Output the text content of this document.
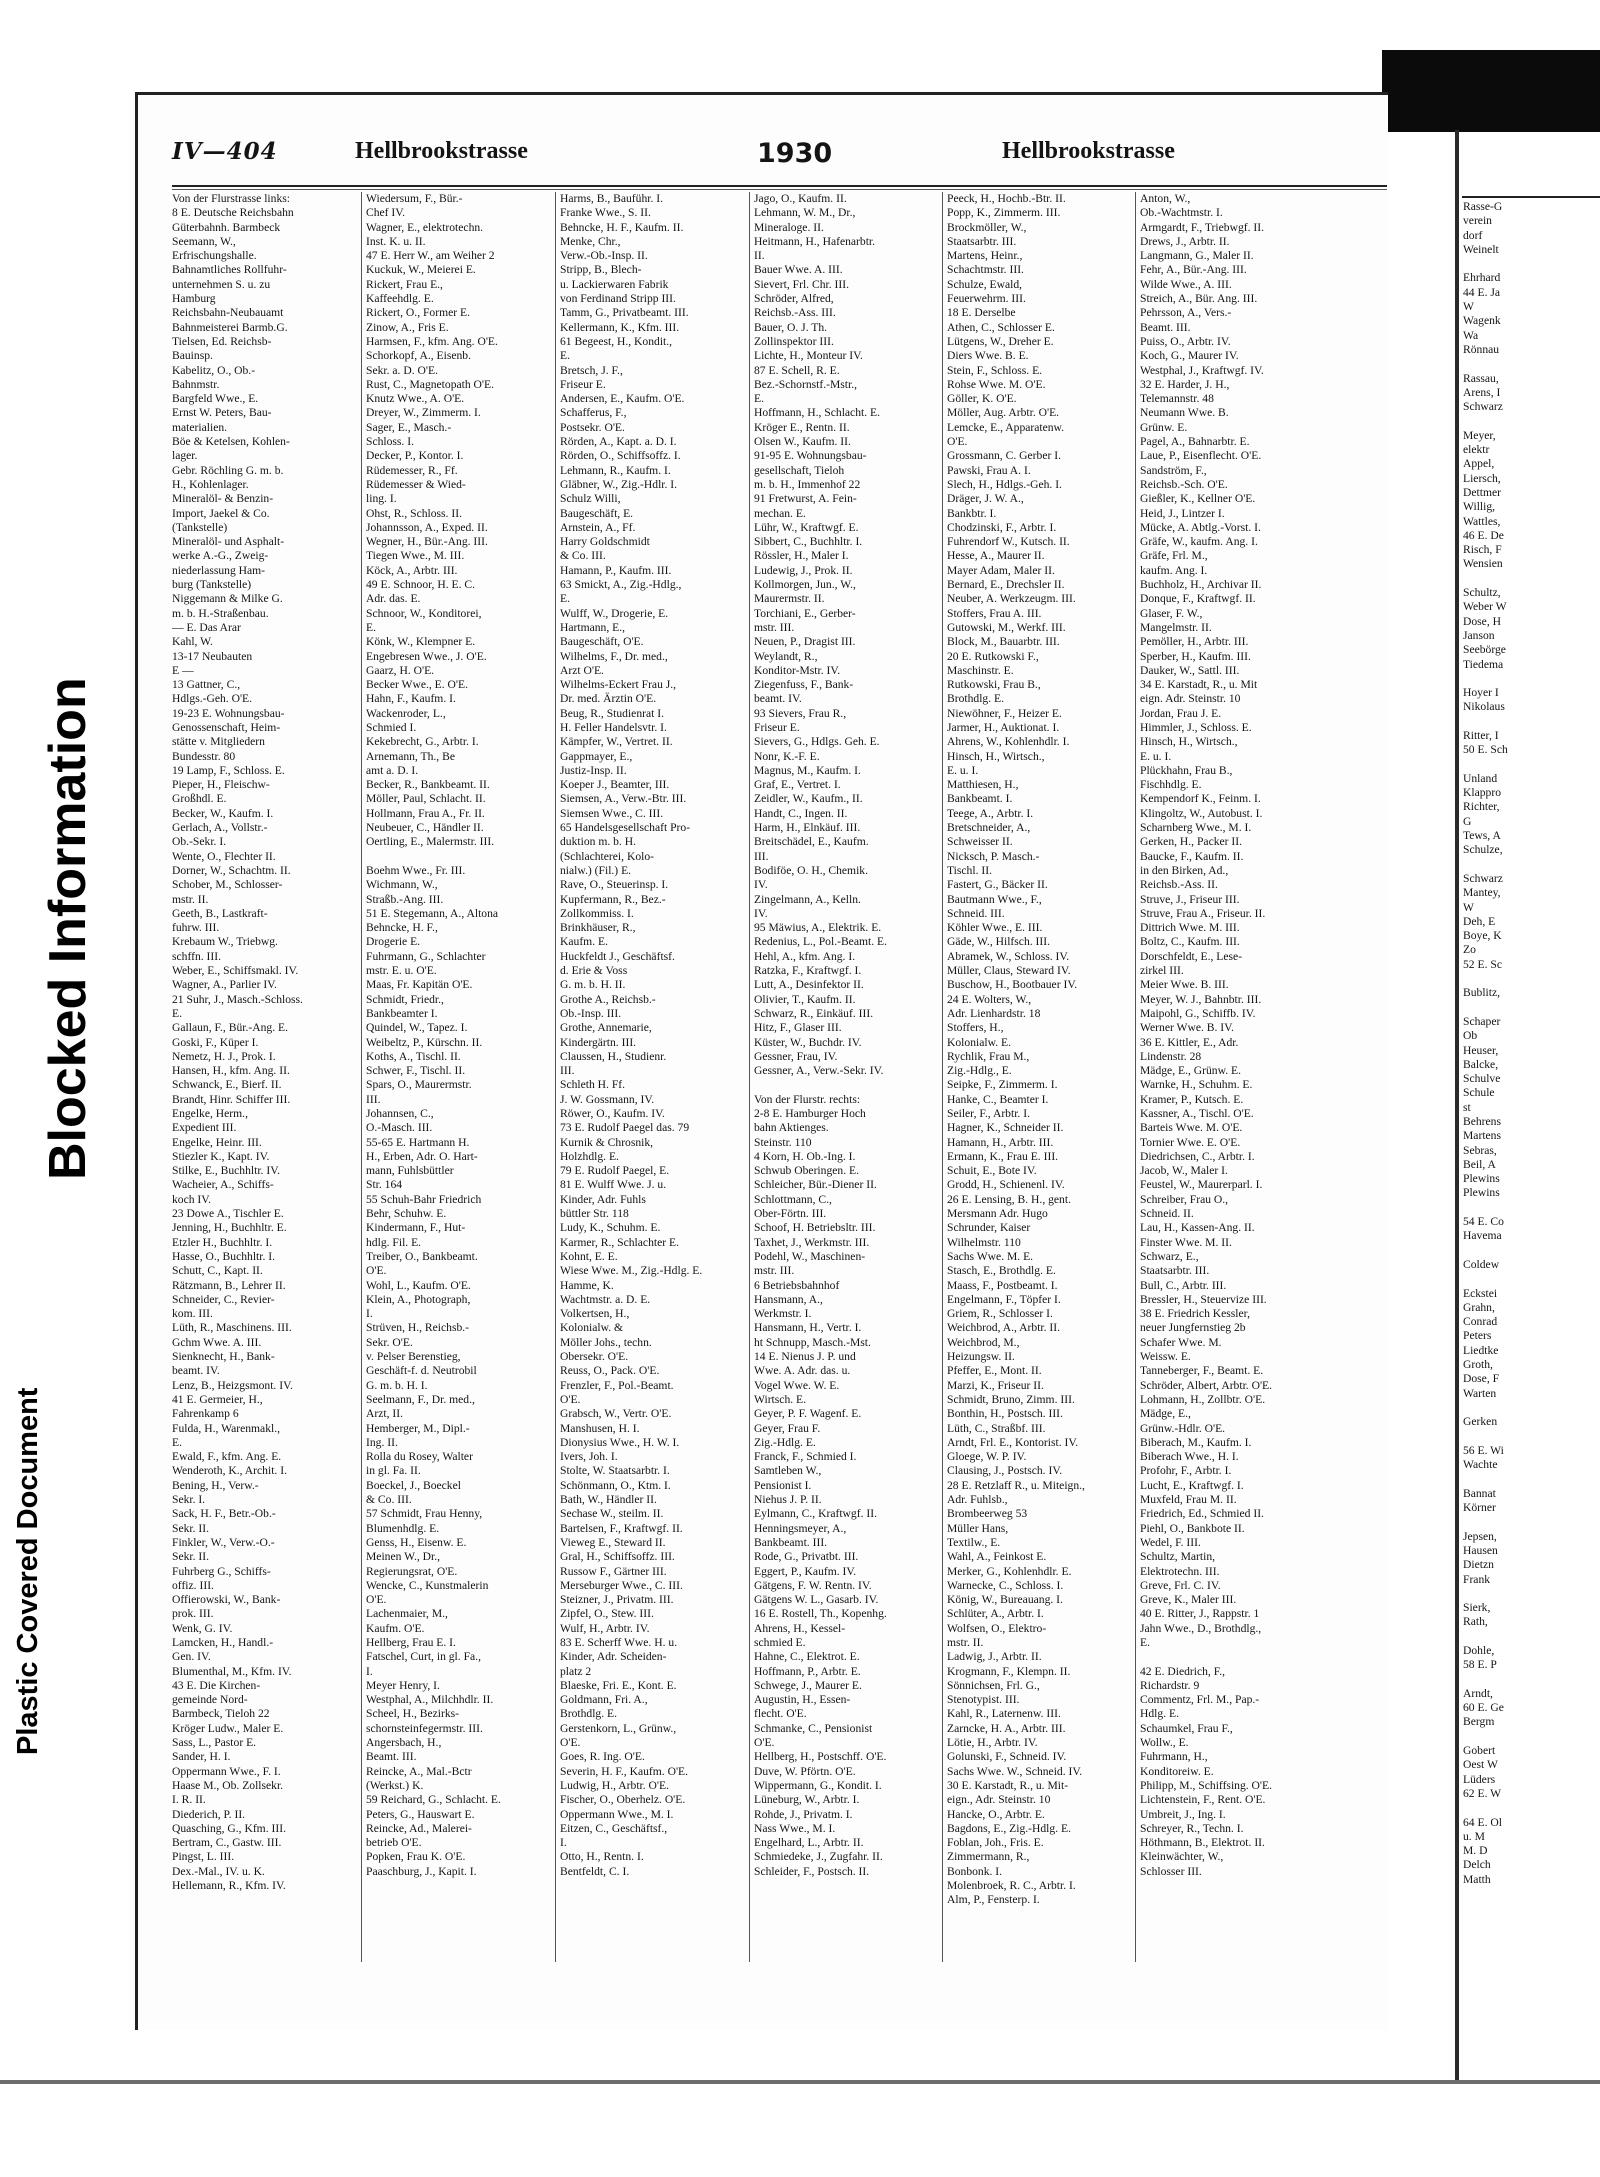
Blocked Information
Plastic Covered Document
IV—404	Hellbrookstrasse	1930	Hellbrookstrasse
Von der Flurstrasse links:
8 E. Deutsche Reichsbahn
Güterbahnh. Barmbeck
Seemann, W.,
Erfrischungshalle.
Bahnamtliches Rollfuhr-
unternehmen S. u. zu
Hamburg
Reichsbahn-Neubauamt
Bahnmeisterei Barmb.G.
Tielsen, Ed. Reichsb-
Bauinsp.
Kabelitz, O., Ob.-
Bahnmstr.
Bargfeld Wwe., E.
Ernst W. Peters, Bau-
materialien.
Böe & Ketelsen, Kohlen-
lager.
Gebr. Röchling G. m. b.
H., Kohlenlager.
Mineralöl- & Benzin-
Import, Jaekel & Co.
(Tankstelle)
Mineralöl- und Asphalt-
werke A.-G., Zweig-
niederlassung Ham-
burg (Tankstelle)
Niggemann & Milke G.
m. b. H.-Straßenbau.
— E. Das Arar
Kahl, W.
13-17 Neubauten
E —
13 Gattner, C.,
Hdlgs.-Geh. O'E.
19-23 E. Wohnungsbau-
Genossenschaft, Heim-
stätte v. Mitgliedern
Bundesstr. 80
19 Lamp, F., Schloss. E.
Pieper, H., Fleischw-
Großhdl. E.
Becker, W., Kaufm. I.
Gerlach, A., Vollstr.-
Ob.-Sekr. I.
Wente, O., Flechter II.
Dorner, W., Schachtm. II.
Schober, M., Schlosser-
mstr. II.
Geeth, B., Lastkraft-
fuhrw. III.
Krebaum W., Triebwg.
schffn. III.
Weber, E., Schiffsmakl. IV.
Wagner, A., Parlier IV.
21 Suhr, J., Masch.-Schloss.
E.
Gallaun, F., Bür.-Ang. E.
Goski, F., Küper I.
Nemetz, H. J., Prok. I.
Hansen, H., kfm. Ang. II.
Schwanck, E., Bierf. II.
Brandt, Hinr. Schiffer III.
Engelke, Herm.,
Expedient III.
Engelke, Heinr. III.
Stiezler K., Kapt. IV.
Stilke, E., Buchhltr. IV.
Wacheier, A., Schiffs-
koch IV.
23 Dowe A., Tischler E.
Jenning, H., Buchhltr. E.
Etzler H., Buchhltr. I.
Hasse, O., Buchhltr. I.
Schutt, C., Kapt. II.
Rätzmann, B., Lehrer II.
Schneider, C., Revier-
kom. III.
Lüth, R., Maschinens. III.
Gchm Wwe. A. III.
Sienknecht, H., Bank-
beamt. IV.
Lenz, B., Heizgsmont. IV.
41 E. Germeier, H.,
Fahrenkamp 6
Fulda, H., Warenmakl.,
E.
Ewald, F., kfm. Ang. E.
Wenderoth, K., Archit. I.
Bening, H., Verw.-
Sekr. I.
Sack, H. F., Betr.-Ob.-
Sekr. II.
Finkler, W., Verw.-O.-
Sekr. II.
Fuhrberg G., Schiffs-
offiz. III.
Offierowski, W., Bank-
prok. III.
Wenk, G. IV.
Lamcken, H., Handl.-
Gen. IV.
Blumenthal, M., Kfm. IV.
43 E. Die Kirchen-
gemeinde Nord-
Barmbeck, Tieloh 22
Kröger Ludw., Maler E.
Sass, L., Pastor E.
Sander, H. I.
Oppermann Wwe., F. I.
Haase M., Ob. Zollsekr.
I. R. II.
Diederich, P. II.
Quasching, G., Kfm. III.
Bertram, C., Gastw. III.
Pingst, L. III.
Dex.-Mal., IV. u. K.
Hellemann, R., Kfm. IV.
Wiedersum, F., Bür.-
Chef IV.
Wagner, E., elektrotechn.
Inst. K. u. II.
47 E. Herr W., am Weiher 2
Kuckuk, W., Meierei E.
Rickert, Frau E.,
Kaffeehdlg. E.
Rickert, O., Former E.
Zinow, A., Fris E.
Harmsen, F., kfm. Ang. O'E.
Schorkopf, A., Eisenb.
Sekr. a. D. O'E.
Rust, C., Magnetopath O'E.
Knutz Wwe., A. O'E.
Dreyer, W., Zimmerm. I.
Sager, E., Masch.-
Schloss. I.
Decker, P., Kontor. I.
Rüdemesser, R., Ff.
Rüdemesser & Wied-
ling. I.
Ohst, R., Schloss. II.
Johannsson, A., Exped. II.
Wegner, H., Bür.-Ang. III.
Tiegen Wwe., M. III.
Köck, A., Arbtr. III.
49 E. Schnoor, H. E. C.
Adr. das. E.
Schnoor, W., Konditorei,
E.
Könk, W., Klempner E.
Engebresen Wwe., J. O'E.
Gaarz, H. O'E.
Becker Wwe., E. O'E.
Hahn, F., Kaufm. I.
Wackenroder, L.,
Schmied I.
Kekebrecht, G., Arbtr. I.
Arnemann, Th., Be
amt a. D. I.
Becker, R., Bankbeamt. II.
Möller, Paul, Schlacht. II.
Hollmann, Frau A., Fr. II.
Neubeuer, C., Händler II.
Oertling, E., Malermstr. III.

Boehm Wwe., Fr. III.
Wichmann, W.,
Straßb.-Ang. III.
51 E. Stegemann, A., Altona
Behncke, H. F.,
Drogerie E.
Fuhrmann, G., Schlachter
mstr. E. u. O'E.
Maas, Fr. Kapitän O'E.
Schmidt, Friedr.,
Bankbeamter I.
Quindel, W., Tapez. I.
Weibeltz, P., Kürschn. II.
Koths, A., Tischl. II.
Schwer, F., Tischl. II.
Spars, O., Maurermstr.
III.
Johannsen, C.,
O.-Masch. III.
55-65 E. Hartmann H.
H., Erben, Adr. O. Hart-
mann, Fuhlsbüttler
Str. 164
55 Schuh-Bahr Friedrich
Behr, Schuhw. E.
Kindermann, F., Hut-
hdlg. Fil. E.
Treiber, O., Bankbeamt.
O'E.
Wohl, L., Kaufm. O'E.
Klein, A., Photograph,
I.
Strüven, H., Reichsb.-
Sekr. O'E.
v. Pelser Berenstieg,
Geschäft-f. d. Neutrobil
G. m. b. H. I.
Seelmann, F., Dr. med.,
Arzt, II.
Hemberger, M., Dipl.-
Ing. II.
Rolla du Rosey, Walter
in gl. Fa. II.
Boeckel, J., Boeckel
& Co. III.
57 Schmidt, Frau Henny,
Blumenhdlg. E.
Genss, H., Eisenw. E.
Meinen W., Dr.,
Regierungsrat, O'E.
Wencke, C., Kunstmalerin
O'E.
Lachenmaier, M.,
Kaufm. O'E.
Hellberg, Frau E. I.
Fatschel, Curt, in gl. Fa.,
I.
Meyer Henry, I.
Westphal, A., Milchhdlr. II.
Scheel, H., Bezirks-
schornsteinfegermstr. III.
Angersbach, H.,
Beamt. III.
Reincke, A., Mal.-Bctr
(Werkst.) K.
59 Reichard, G., Schlacht. E.
Peters, G., Hauswart E.
Reincke, Ad., Malerei-
betrieb O'E.
Popken, Frau K. O'E.
Paaschburg, J., Kapit. I.
Harms, B., Bauführ. I.
Franke Wwe., S. II.
Behncke, H. F., Kaufm. II.
Menke, Chr.,
Verw.-Ob.-Insp. II.
Stripp, B., Blech-
u. Lackierwaren Fabrik
von Ferdinand Stripp III.
Tamm, G., Privatbeamt. III.
Kellermann, K., Kfm. III.
61 Begeest, H., Kondit.,
E.
Bretsch, J. F.,
Friseur E.
Andersen, E., Kaufm. O'E.
Schafferus, F.,
Postsekr. O'E.
Rörden, A., Kapt. a. D. I.
Rörden, O., Schiffsoffz. I.
Lehmann, R., Kaufm. I.
Gläbner, W., Zig.-Hdlr. I.
Schulz Willi,
Baugeschäft, E.
Arnstein, A., Ff.
Harry Goldschmidt
& Co. III.
Hamann, P., Kaufm. III.
63 Smickt, A., Zig.-Hdlg.,
E.
Wulff, W., Drogerie, E.
Hartmann, E.,
Baugeschäft, O'E.
Wilhelms, F., Dr. med.,
Arzt O'E.
Wilhelms-Eckert Frau J.,
Dr. med. Ärztin O'E.
Beug, R., Studienrat I.
H. Feller Handelsvtr. I.
Kämpfer, W., Vertret. II.
Gappmayer, E.,
Justiz-Insp. II.
Koeper J., Beamter, III.
Siemsen, A., Verw.-Btr. III.
Siemsen Wwe., C. III.
65 Handelsgesellschaft Pro-
duktion m. b. H.
(Schlachterei, Kolo-
nialw.) (Fil.) E.
Rave, O., Steuerinsp. I.
Kupfermann, R., Bez.-
Zollkommiss. I.
Brinkhäuser, R.,
Kaufm. E.
Huckfeldt J., Geschäftsf.
d. Erie & Voss
G. m. b. H. II.
Grothe A., Reichsb.-
Ob.-Insp. III.
Grothe, Annemarie,
Kindergärtn. III.
Claussen, H., Studienr.
III.
Schleth H. Ff.
J. W. Gossmann, IV.
Röwer, O., Kaufm. IV.
73 E. Rudolf Paegel das. 79
Kurnik & Chrosnik,
Holzhdlg. E.
79 E. Rudolf Paegel, E.
81 E. Wulff Wwe. J. u.
Kinder, Adr. Fuhls
büttler Str. 118
Ludy, K., Schuhm. E.
Karmer, R., Schlachter E.
Kohnt, E. E.
Wiese Wwe. M., Zig.-Hdlg. E.
Hamme, K.
Wachtmstr. a. D. E.
Volkertsen, H.,
Kolonialw. &
Möller Johs., techn.
Obersekr. O'E.
Reuss, O., Pack. O'E.
Frenzler, F., Pol.-Beamt.
O'E.
Grabsch, W., Vertr. O'E.
Manshusen, H. I.
Dionysius Wwe., H. W. I.
Ivers, Joh. I.
Stolte, W. Staatsarbtr. I.
Schönmann, O., Ktm. I.
Bath, W., Händler II.
Sechase W., steilm. II.
Bartelsen, F., Kraftwgf. II.
Vieweg E., Steward II.
Gral, H., Schiffsoffz. III.
Russow F., Gärtner III.
Merseburger Wwe., C. III.
Steizner, J., Privatm. III.
Zipfel, O., Stew. III.
Wulf, H., Arbtr. IV.
83 E. Scherff Wwe. H. u.
Kinder, Adr. Scheiden-
platz 2
Blaeske, Fri. E., Kont. E.
Goldmann, Fri. A.,
Brothdlg. E.
Gerstenkorn, L., Grünw.,
O'E.
Goes, R. Ing. O'E.
Severin, H. F., Kaufm. O'E.
Ludwig, H., Arbtr. O'E.
Fischer, O., Oberhelz. O'E.
Oppermann Wwe., M. I.
Eitzen, C., Geschäftsf.,
I.
Otto, H., Rentn. I.
Bentfeldt, C. I.
Jago, O., Kaufm. II.
Lehmann, W. M., Dr.,
Mineraloge. II.
Heitmann, H., Hafenarbtr.
II.
Bauer Wwe. A. III.
Sievert, Frl. Chr. III.
Schröder, Alfred,
Reichsb.-Ass. III.
Bauer, O. J. Th.
Zollinspektor III.
Lichte, H., Monteur IV.
87 E. Schell, R. E.
Bez.-Schornstf.-Mstr.,
E.
Hoffmann, H., Schlacht. E.
Kröger E., Rentn. II.
Olsen W., Kaufm. II.
91-95 E. Wohnungsbau-
gesellschaft, Tieloh
m. b. H., Immenhof 22
91 Fretwurst, A. Fein-
mechan. E.
Lühr, W., Kraftwgf. E.
Sibbert, C., Buchhltr. I.
Rössler, H., Maler I.
Ludewig, J., Prok. II.
Kollmorgen, Jun., W.,
Maurermstr. II.
Torchiani, E., Gerber-
mstr. III.
Neuen, P., Dragist III.
Weylandt, R.,
Konditor-Mstr. IV.
Ziegenfuss, F., Bank-
beamt. IV.
93 Sievers, Frau R.,
Friseur E.
Sievers, G., Hdlgs. Geh. E.
Nonr, K.-F. E.
Magnus, M., Kaufm. I.
Graf, E., Vertret. I.
Zeidler, W., Kaufm., II.
Handt, C., Ingen. II.
Harm, H., Elnkäuf. III.
Breitschädel, E., Kaufm.
III.
Bodiföe, O. H., Chemik.
IV.
Zingelmann, A., Kelln.
IV.
95 Mäwius, A., Elektrik. E.
Redenius, L., Pol.-Beamt. E.
Hehl, A., kfm. Ang. I.
Ratzka, F., Kraftwgf. I.
Lutt, A., Desinfektor II.
Olivier, T., Kaufm. II.
Schwarz, R., Einkäuf. III.
Hitz, F., Glaser III.
Küster, W., Buchdr. IV.
Gessner, Frau, IV.
Gessner, A., Verw.-Sekr. IV.

Von der Flurstr. rechts:
2-8 E. Hamburger Hoch
bahn Aktienges.
Steinstr. 110
4 Korn, H. Ob.-Ing. I.
Schwub Oberingen. E.
Schleicher, Bür.-Diener II.
Schlottmann, C.,
Ober-Förtn. III.
Schoof, H. Betriebsltr. III.
Taxhet, J., Werkmstr. III.
Podehl, W., Maschinen-
mstr. III.
6 Betriebsbahnhof
Hansmann, A.,
Werkmstr. I.
Hansmann, H., Vertr. I.
ht Schnupp, Masch.-Mst.
14 E. Nienus J. P. und
Wwe. A. Adr. das. u.
Vogel Wwe. W. E.
Wirtsch. E.
Geyer, P. F. Wagenf. E.
Geyer, Frau F.
Zig.-Hdlg. E.
Franck, F., Schmied I.
Samtleben W.,
Pensionist I.
Niehus J. P. II.
Eylmann, C., Kraftwgf. II.
Henningsmeyer, A.,
Bankbeamt. III.
Rode, G., Privatbt. III.
Eggert, P., Kaufm. IV.
Gätgens, F. W. Rentn. IV.
Gätgens W. L., Gasarb. IV.
16 E. Rostell, Th., Kopenhg.
Ahrens, H., Kessel-
schmied E.
Hahne, C., Elektrot. E.
Hoffmann, P., Arbtr. E.
Schwege, J., Maurer E.
Augustin, H., Essen-
flecht. O'E.
Schmanke, C., Pensionist
O'E.
Hellberg, H., Postschff. O'E.
Duve, W. Pförtn. O'E.
Wippermann, G., Kondit. I.
Lüneburg, W., Arbtr. I.
Rohde, J., Privatm. I.
Nass Wwe., M. I.
Engelhard, L., Arbtr. II.
Schmiedeke, J., Zugfahr. II.
Schleider, F., Postsch. II.
Peeck, H., Hochb.-Btr. II.
Popp, K., Zimmerm. III.
Brockmöller, W.,
Staatsarbtr. III.
Martens, Heinr.,
Schachtmstr. III.
Schulze, Ewald,
Feuerwehrm. III.
18 E. Derselbe
Athen, C., Schlosser E.
Lütgens, W., Dreher E.
Diers Wwe. B. E.
Stein, F., Schloss. E.
Rohse Wwe. M. O'E.
Göller, K. O'E.
Möller, Aug. Arbtr. O'E.
Lemcke, E., Apparatenw.
O'E.
Grossmann, C. Gerber I.
Pawski, Frau A. I.
Slech, H., Hdlgs.-Geh. I.
Dräger, J. W. A.,
Bankbtr. I.
Chodzinski, F., Arbtr. I.
Fuhrendorf W., Kutsch. II.
Hesse, A., Maurer II.
Mayer Adam, Maler II.
Bernard, E., Drechsler II.
Neuber, A. Werkzeugm. III.
Stoffers, Frau A. III.
Gutowski, M., Werkf. III.
Block, M., Bauarbtr. III.
20 E. Rutkowski F.,
Maschinstr. E.
Rutkowski, Frau B.,
Brothdlg. E.
Niewöhner, F., Heizer E.
Jarmer, H., Auktionat. I.
Ahrens, W., Kohlenhdlr. I.
Hinsch, H., Wirtsch.,
E. u. I.
Matthiesen, H.,
Bankbeamt. I.
Teege, A., Arbtr. I.
Bretschneider, A.,
Schweisser II.
Nicksch, P. Masch.-
Tischl. II.
Fastert, G., Bäcker II.
Bautmann Wwe., F.,
Schneid. III.
Köhler Wwe., E. III.
Gäde, W., Hilfsch. III.
Abramek, W., Schloss. IV.
Müller, Claus, Steward IV.
Buschow, H., Bootbauer IV.
24 E. Wolters, W.,
Adr. Lienhardstr. 18
Stoffers, H.,
Kolonialw. E.
Rychlik, Frau M.,
Zig.-Hdlg., E.
Seipke, F., Zimmerm. I.
Hanke, C., Beamter I.
Seiler, F., Arbtr. I.
Hagner, K., Schneider II.
Hamann, H., Arbtr. III.
Ermann, K., Frau E. III.
Schuit, E., Bote IV.
Grodd, H., Schienenl. IV.
26 E. Lensing, B. H., gent.
Mersmann Adr. Hugo
Schrunder, Kaiser
Wilhelmstr. 110
Sachs Wwe. M. E.
Stasch, E., Brothdlg. E.
Maass, F., Postbeamt. I.
Engelmann, F., Töpfer I.
Griem, R., Schlosser I.
Weichbrod, A., Arbtr. II.
Weichbrod, M.,
Heizungsw. II.
Pfeffer, E., Mont. II.
Marzi, K., Friseur II.
Schmidt, Bruno, Zimm. III.
Bonthin, H., Postsch. III.
Lüth, C., Straßbf. III.
Arndt, Frl. E., Kontorist. IV.
Gloege, W. P. IV.
Clausing, J., Postsch. IV.
28 E. Retzlaff R., u. Miteign.,
Adr. Fuhlsb.,
Brombeerweg 53
Müller Hans,
Textilw., E.
Wahl, A., Feinkost E.
Merker, G., Kohlenhdlr. E.
Warnecke, C., Schloss. I.
König, W., Bureauang. I.
Schlüter, A., Arbtr. I.
Wolfsen, O., Elektro-
mstr. II.
Ladwig, J., Arbtr. II.
Krogmann, F., Klempn. II.
Sönnichsen, Frl. G.,
Stenotypist. III.
Kahl, R., Laternenw. III.
Zarncke, H. A., Arbtr. III.
Lötie, H., Arbtr. IV.
Golunski, F., Schneid. IV.
Sachs Wwe. W., Schneid. IV.
30 E. Karstadt, R., u. Mit-
eign., Adr. Steinstr. 10
Hancke, O., Arbtr. E.
Bagdons, E., Zig.-Hdlg. E.
Foblan, Joh., Fris. E.
Zimmermann, R.,
Bonbonk. I.
Molenbroek, R. C., Arbtr. I.
Alm, P., Fensterp. I.
Anton, W.,
Ob.-Wachtmstr. I.
Armgardt, F., Triebwgf. II.
Drews, J., Arbtr. II.
Langmann, G., Maler II.
Fehr, A., Bür.-Ang. III.
Wilde Wwe., A. III.
Streich, A., Bür. Ang. III.
Pehrsson, A., Vers.-
Beamt. III.
Puiss, O., Arbtr. IV.
Koch, G., Maurer IV.
Westphal, J., Kraftwgf. IV.
32 E. Harder, J. H.,
Telemannstr. 48
Neumann Wwe. B.
Grünw. E.
Pagel, A., Bahnarbtr. E.
Laue, P., Eisenflecht. O'E.
Sandström, F.,
Reichsb.-Sch. O'E.
Gießler, K., Kellner O'E.
Heid, J., Lintzer I.
Mücke, A. Abtlg.-Vorst. I.
Gräfe, W., kaufm. Ang. I.
Gräfe, Frl. M.,
kaufm. Ang. I.
Buchholz, H., Archivar II.
Donque, F., Kraftwgf. II.
Glaser, F. W.,
Mangelmstr. II.
Pemöller, H., Arbtr. III.
Sperber, H., Kaufm. III.
Dauker, W., Sattl. III.
34 E. Karstadt, R., u. Mit
eign. Adr. Steinstr. 10
Jordan, Frau J. E.
Himmler, J., Schloss. E.
Hinsch, H., Wirtsch.,
E. u. I.
Plückhahn, Frau B.,
Fischhdlg. E.
Kempendorf K., Feinm. I.
Klingoltz, W., Autobust. I.
Scharnberg Wwe., M. I.
Gerken, H., Packer II.
Baucke, F., Kaufm. II.
in den Birken, Ad.,
Reichsb.-Ass. II.
Struve, J., Friseur III.
Struve, Frau A., Friseur. II.
Dittrich Wwe. M. III.
Boltz, C., Kaufm. III.
Dorschfeldt, E., Lese-
zirkel III.
Meier Wwe. B. III.
Meyer, W. J., Bahnbtr. III.
Maipohl, G., Schiffb. IV.
Werner Wwe. B. IV.
36 E. Kittler, E., Adr.
Lindenstr. 28
Mädge, E., Grünw. E.
Warnke, H., Schuhm. E.
Kramer, P., Kutsch. E.
Kassner, A., Tischl. O'E.
Barteis Wwe. M. O'E.
Tornier Wwe. E. O'E.
Diedrichsen, C., Arbtr. I.
Jacob, W., Maler I.
Feustel, W., Maurerparl. I.
Schreiber, Frau O.,
Schneid. II.
Lau, H., Kassen-Ang. II.
Finster Wwe. M. II.
Schwarz, E.,
Staatsarbtr. III.
Bull, C., Arbtr. III.
Bressler, H., Steuervize III.
38 E. Friedrich Kessler,
neuer Jungfernstieg 2b
Schafer Wwe. M.
Weissw. E.
Tanneberger, F., Beamt. E.
Schröder, Albert, Arbtr. O'E.
Lohmann, H., Zollbtr. O'E.
Mädge, E.,
Grünw.-Hdlr. O'E.
Biberach, M., Kaufm. I.
Biberach Wwe., H. I.
Profohr, F., Arbtr. I.
Lucht, E., Kraftwgf. I.
Muxfeld, Frau M. II.
Friedrich, Ed., Schmied II.
Piehl, O., Bankbote II.
Wedel, F. III.
Schultz, Martin,
Elektrotechn. III.
Greve, Frl. C. IV.
Greve, K., Maler III.
40 E. Ritter, J., Rappstr. 1
Jahn Wwe., D., Brothdlg.,
E.

42 E. Diedrich, F.,
Richardstr. 9
Commentz, Frl. M., Pap.-
Hdlg. E.
Schaumkel, Frau F.,
Wollw., E.
Fuhrmann, H.,
Konditoreiw. E.
Philipp, M., Schiffsing. O'E.
Lichtenstein, F., Rent. O'E.
Umbreit, J., Ing. I.
Schreyer, R., Techn. I.
Höthmann, B., Elektrot. II.
Kleinwächter, W.,
Schlosser III.
Rasse-G
verein
dorf
Weinelt

Ehrhard
44 E. Ja
W
Wagenk
Wa
Rönnau

Rassau,
Arens, I
Schwarz

Meyer,
elektr
Appel,
Liersch,
Dettmer
Willig,
Wattles,
46 E. De
Risch, F
Wensien

Schultz,
Weber W
Dose, H
Janson
Seebörge
Tiedema

Hoyer I
Nikolaus

Ritter, I
50 E. Sch

Unland
Klappro
Richter,
G
Tews, A
Schulze,

Schwarz
Mantey,
W
Deh, E
Boye, K
Zo
52 E. Sc

Bublitz,

Schaper
Ob
Heuser,
Balcke,
Schulve
Schule
st
Behrens
Martens
Sebras,
Beil, A
Plewins
Plewins

54 E. Co
Havema

Coldew

Eckstei
Grahn,
Conrad
Peters
Liedtke
Groth,
Dose, F
Warten

Gerken

56 E. Wi
Wachte

Bannat
Körner

Jepsen,
Hausen
Dietzn
Frank

Sierk,
Rath,

Dohle,
58 E. P

Arndt,
60 E. Ge
Bergm

Gobert
Oest W
Lüders
62 E. W

64 E. Ol
u. M
M. D
Delch
Matth
